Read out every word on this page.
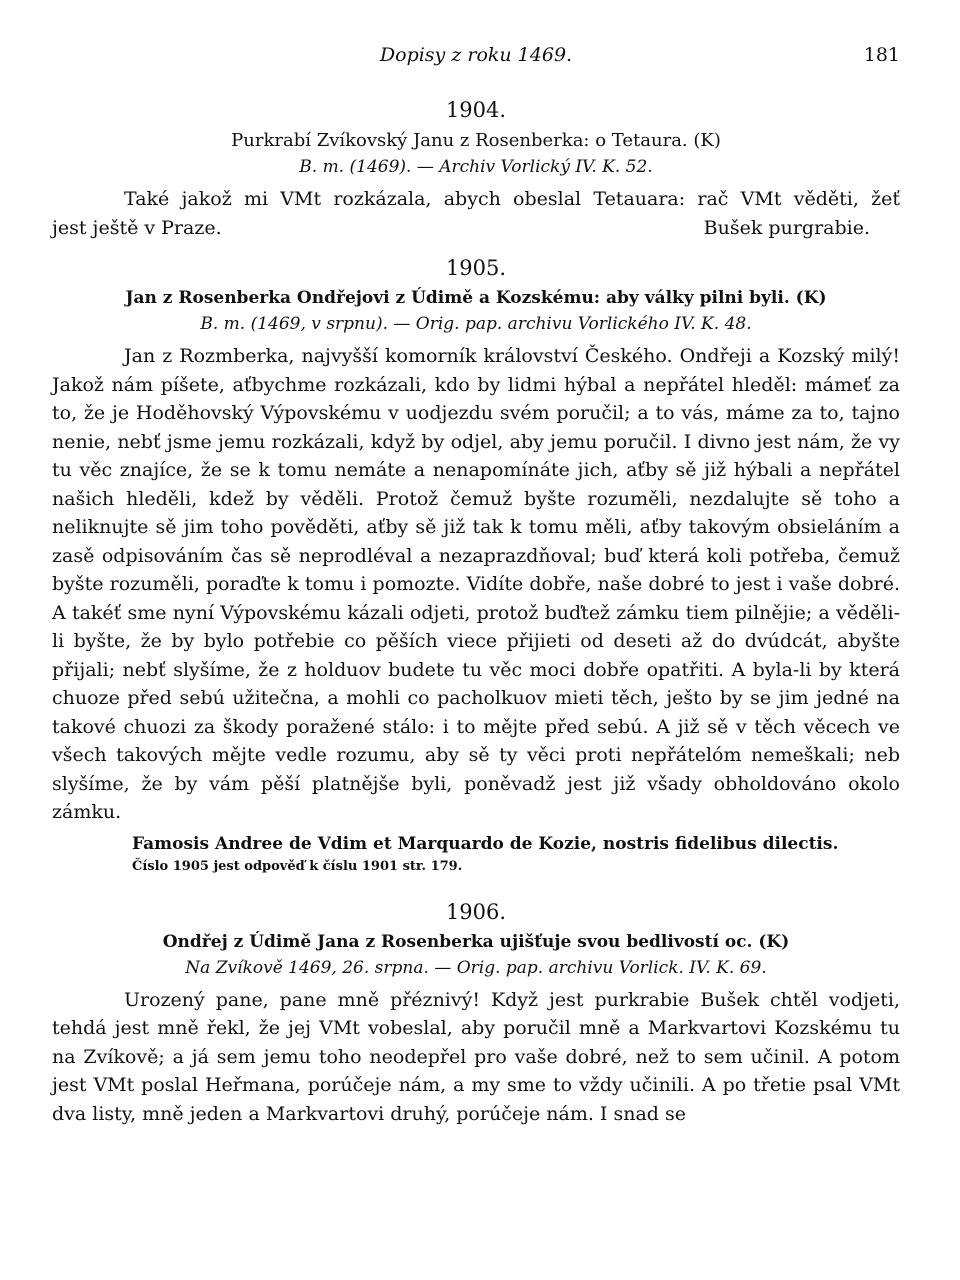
Dopisy z roku 1469.	181
1904.
Purkrabí Zvíkovský Janu z Rosenberka: o Tetaura. (K)
B. m. (1469). — Archiv Vorlický IV. K. 52.

Také jakož mi VMt rozkázala, abych obeslal Tetauara: rač VMt věděti, žeť

jest ještě v Praze.	Bušek purgrabie.
1905.
Jan z Rosenberka Ondřejovi z Údimě a Kozskému: aby války pilni byli. (K)
B. m. (1469, v srpnu). — Orig. pap. archivu Vorlického IV. K. 48.

Jan z Rozmberka, najvyšší komorník království Českého. Ondřeji a Kozský milý! Jakož nám píšete, aťbychme rozkázali, kdo by lidmi hýbal a nepřátel hleděl: mámeť za to, že je Hoděhovský Výpovskému v uodjezdu svém poručil; a to vás, máme za to, tajno nenie, nebť jsme jemu rozkázali, když by odjel, aby jemu poručil. I divno jest nám, že vy tu věc znajíce, že se k tomu nemáte a nenapomínáte jich, aťby sě již hýbali a nepřátel našich hleděli, kdež by věděli. Protož čemuž byšte rozuměli, nezdalujte sě toho a neliknujte sě jim toho pověděti, aťby sě již tak k tomu měli, aťby takovým obsieláním a zasě odpisováním čas sě neprodléval a nezaprazdňoval; buď která koli potřeba, čemuž byšte rozuměli, poraďte k tomu i pomozte. Vidíte dobře, naše dobré to jest i vaše dobré. A takéť sme nyní Výpovskému kázali odjeti, protož buďtež zámku tiem pilnějie; a věděli-li byšte, že by bylo potřebie co pěších viece přijieti od deseti až do dvúdcát, abyšte přijali; nebť slyšíme, že z holduov budete tu věc moci dobře opatřiti. A byla-li by která chuoze před sebú užitečna, a mohli co pacholkuov mieti těch, ješto by se jim jedné na takové chuozi za škody poražené stálo: i to mějte před sebú. A již sě v těch věcech ve všech takových mějte vedle rozumu, aby sě ty věci proti nepřátelóm nemeškali; neb slyšíme, že by vám pěší platnějše byli, poněvadž jest již všady obholdováno okolo zámku.

Famosis Andree de Vdim et Marquardo de Kozie, nostris fidelibus dilectis.
Číslo 1905 jest odpověď k číslu 1901 str. 179.
1906.
Ondřej z Údimě Jana z Rosenberka ujišťuje svou bedlivostí oc. (K)
Na Zvíkově 1469, 26. srpna. — Orig. pap. archivu Vorlick. IV. K. 69.

Urozený pane, pane mně přéznivý! Když jest purkrabie Bušek chtěl vodjeti, tehdá jest mně řekl, že jej VMt vobeslal, aby poručil mně a Markvartovi Kozskému tu na Zvíkově; a já sem jemu toho neodepřel pro vaše dobré, než to sem učinil. A potom jest VMt poslal Heřmana, porúčeje nám, a my sme to vždy učinili. A po třetie psal VMt dva listy, mně jeden a Markvartovi druhý, porúčeje nám. I snad se
